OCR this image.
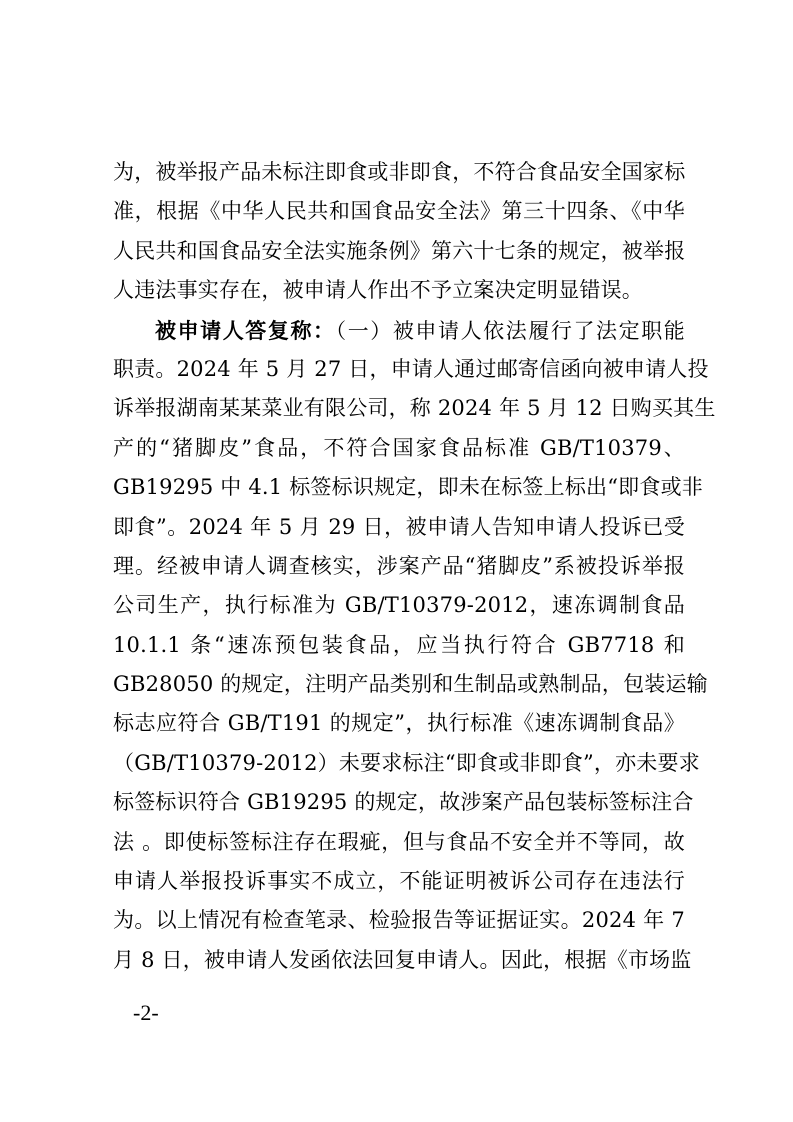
为，被举报产品未标注即食或非即食，不符合食品安全国家标
准，根据《中华人民共和国食品安全法》第三十四条、《中华
人民共和国食品安全法实施条例》第六十七条的规定，被举报
人违法事实存在，被申请人作出不予立案决定明显错误。
被申请人答复称：（一）被申请人依法履行了法定职能
职责。2024 年 5 月 27 日，申请人通过邮寄信函向被申请人投
诉举报湖南某某菜业有限公司，称 2024 年 5 月 12 日购买其生
产的“猪脚皮”食品，不符合国家食品标准 GB/T10379、
GB19295 中 4.1 标签标识规定，即未在标签上标出“即食或非
即食”。2024 年 5 月 29 日，被申请人告知申请人投诉已受
理。经被申请人调查核实，涉案产品“猪脚皮”系被投诉举报
公司生产，执行标准为 GB/T10379-2012，速冻调制食品
10.1.1 条“速冻预包装食品，应当执行符合 GB7718 和
GB28050 的规定，注明产品类别和生制品或熟制品，包装运输
标志应符合 GB/T191 的规定”，执行标准《速冻调制食品》
（GB/T10379-2012）未要求标注“即食或非即食”，亦未要求
标签标识符合 GB19295 的规定，故涉案产品包装标签标注合
法 。即使标签标注存在瑕疵，但与食品不安全并不等同，故
申请人举报投诉事实不成立，不能证明被诉公司存在违法行
为。以上情况有检查笔录、检验报告等证据证实。2024 年 7
月 8 日，被申请人发函依法回复申请人。因此，根据《市场监
-2-
